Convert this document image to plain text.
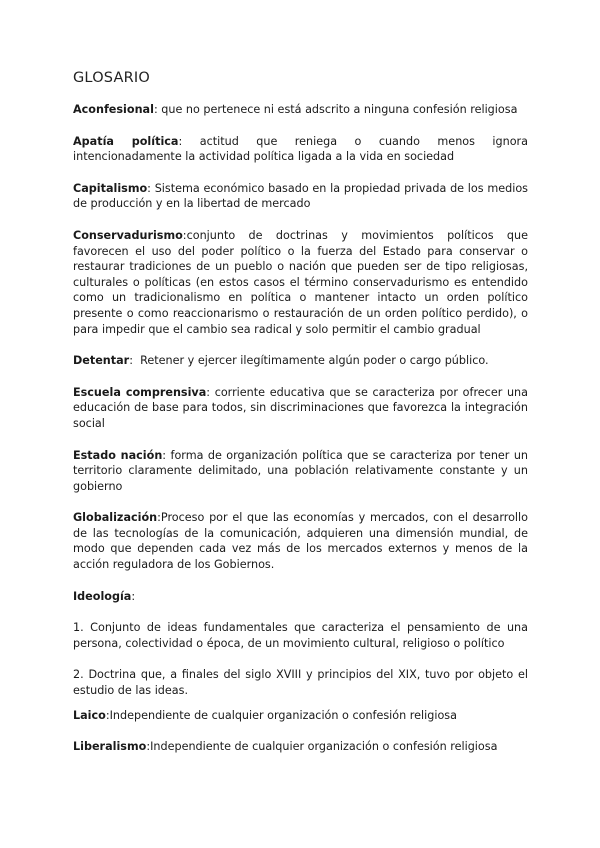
GLOSARIO
Aconfesional: que no pertenece ni está adscrito a ninguna confesión religiosa
Apatía política: actitud que reniega o cuando menos ignora intencionadamente la actividad política ligada a la vida en sociedad
Capitalismo: Sistema económico basado en la propiedad privada de los medios de producción y en la libertad de mercado
Conservadurismo:conjunto de doctrinas y movimientos políticos que favorecen el uso del poder político o la fuerza del Estado para conservar o restaurar tradiciones de un pueblo o nación que pueden ser de tipo religiosas, culturales o políticas (en estos casos el término conservadurismo es entendido como un tradicionalismo en política o mantener intacto un orden político presente o como reaccionarismo o restauración de un orden político perdido), o para impedir que el cambio sea radical y solo permitir el cambio gradual
Detentar:  Retener y ejercer ilegítimamente algún poder o cargo público.
Escuela comprensiva: corriente educativa que se caracteriza por ofrecer una educación de base para todos, sin discriminaciones que favorezca la integración social
Estado nación: forma de organización política que se caracteriza por tener un territorio claramente delimitado, una población relativamente constante y un gobierno
Globalización:Proceso por el que las economías y mercados, con el desarrollo de las tecnologías de la comunicación, adquieren una dimensión mundial, de modo que dependen cada vez más de los mercados externos y menos de la acción reguladora de los Gobiernos.
Ideología:
1. Conjunto de ideas fundamentales que caracteriza el pensamiento de una persona, colectividad o época, de un movimiento cultural, religioso o político
2. Doctrina que, a finales del siglo XVIII y principios del XIX, tuvo por objeto el estudio de las ideas.
Laico:Independiente de cualquier organización o confesión religiosa
Liberalismo:Independiente de cualquier organización o confesión religiosa
